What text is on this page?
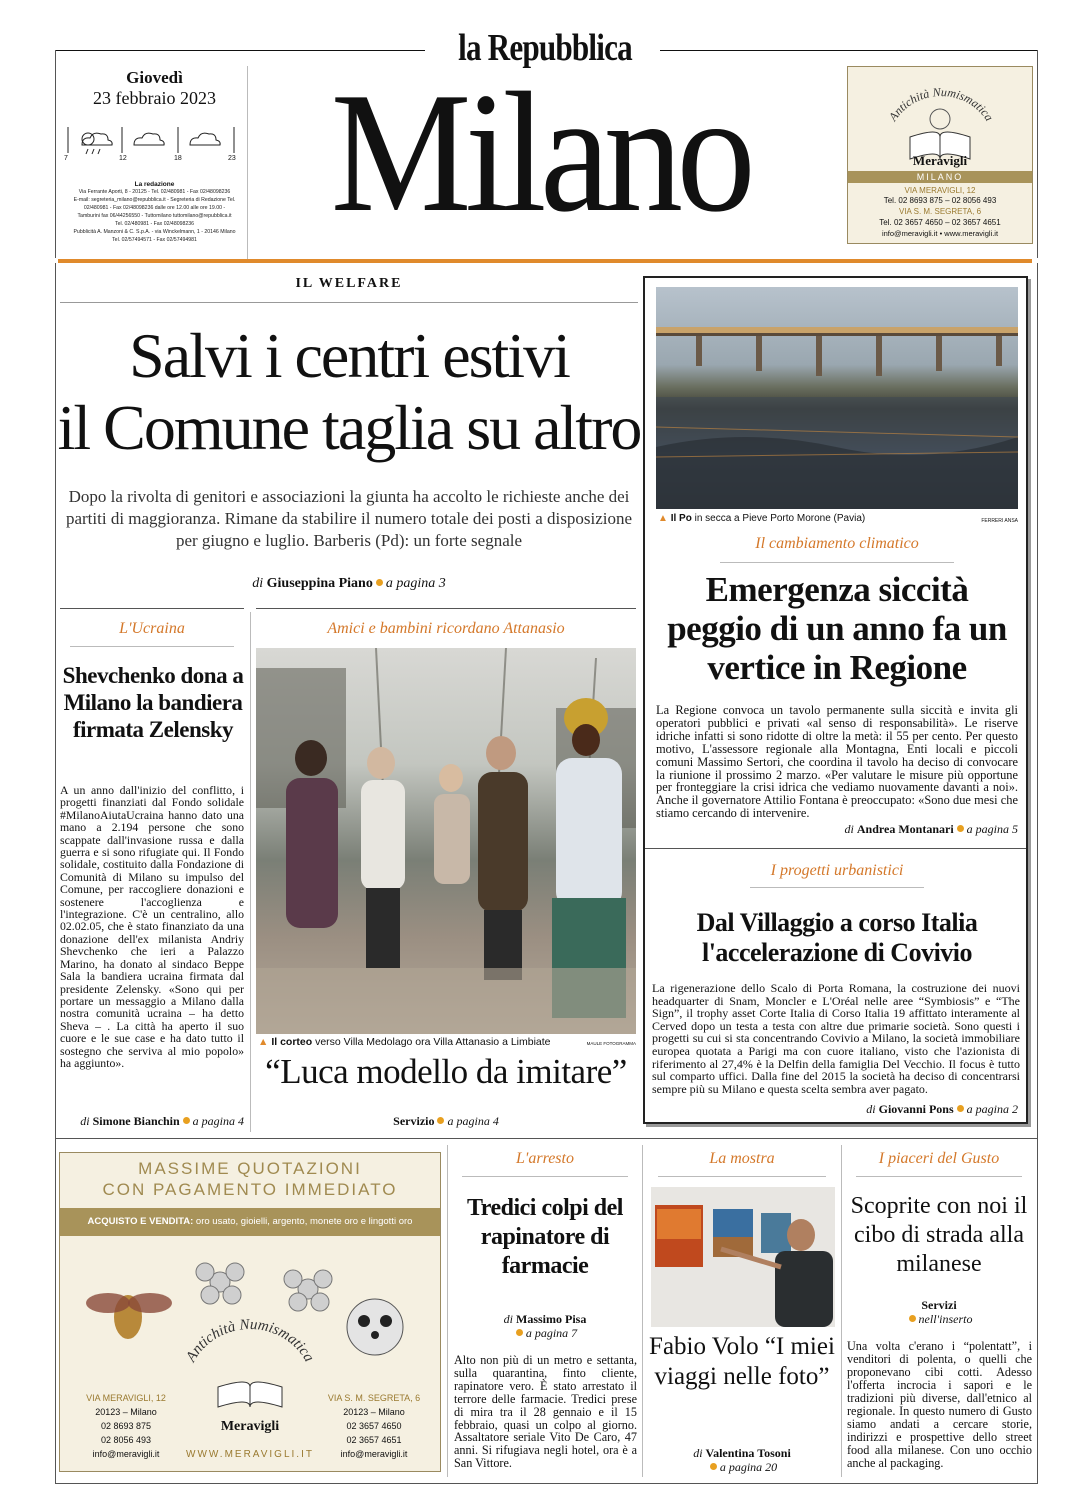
la Repubblica
Giovedì
23 febbraio 2023
7	12	18	23
La redazione
Via Ferrante Aporti, 8 - 20125 - Tel. 02/480981 - Fax 02/48098236
E-mail: segreteria_milano@repubblica.it - Segreteria di Redazione Tel.
02/480981 - Fax 02/48098236 dalle ore 12.00 alle ore 19.00 -
Tamburini fax 06/44256550 - Tuttomilano tuttomilano@repubblica.it
Tel. 02/480981 - Fax 02/48098236
Pubblicità A. Manzoni & C. S.p.A. - via Winckelmann, 1 - 20146 Milano
Tel. 02/57494571 - Fax 02/57494981 Milano	Antichità Numismatica
Meravigli
MILANO
VIA MERAVIGLI, 12
Tel. 02 8693 875 – 02 8056 493
VIA S. M. SEGRETA, 6
Tel. 02 3657 4650 – 02 3657 4651
info@meravigli.it • www.meravigli.it
IL WELFARE
Salvi i centri estivi
il Comune taglia su altro
Dopo la rivolta di genitori e associazioni la giunta ha accolto le richieste anche dei partiti di maggioranza. Rimane da stabilire il numero totale dei posti a disposizione per giugno e luglio. Barberis (Pd): un forte segnale
di Giuseppina Piano a pagina 3
▲ Il Po in secca a Pieve Porto Morone (Pavia)	FERRERI ANSA
Il cambiamento climatico
Emergenza siccità peggio di un anno fa un vertice in Regione
La Regione convoca un tavolo permanente sulla siccità e invita gli operatori pubblici e privati «al senso di responsabilità». Le riserve idriche infatti si sono ridotte di oltre la metà: il 55 per cento. Per questo motivo, L'assessore regionale alla Montagna, Enti locali e piccoli comuni Massimo Sertori, che coordina il tavolo ha deciso di convocare la riunione il prossimo 2 marzo. «Per valutare le misure più opportune per fronteggiare la crisi idrica che vediamo nuovamente davanti a noi». Anche il governatore Attilio Fontana è preoccupato: «Sono due mesi che stiamo cercando di intervenire.
di Andrea Montanari a pagina 5
I progetti urbanistici
Dal Villaggio a corso Italia l'accelerazione di Covivio
La rigenerazione dello Scalo di Porta Romana, la costruzione dei nuovi headquarter di Snam, Moncler e L'Oréal nelle aree “Symbiosis” e “The Sign”, il trophy asset Corte Italia di Corso Italia 19 affittato interamente al Cerved dopo un testa a testa con altre due primarie società. Sono questi i progetti su cui si sta concentrando Covivio a Milano, la società immobiliare europea quotata a Parigi ma con cuore italiano, visto che l'azionista di riferimento al 27,4% è la Delfin della famiglia Del Vecchio. Il focus è tutto sul comparto uffici. Dalla fine del 2015 la società ha deciso di concentrarsi sempre più su Milano e questa scelta sembra aver pagato.
di Giovanni Pons a pagina 2
L'Ucraina
Shevchenko dona a Milano la bandiera firmata Zelensky
A un anno dall'inizio del conflitto, i progetti finanziati dal Fondo solidale #MilanoAiutaUcraina hanno dato una mano a 2.194 persone che sono scappate dall'invasione russa e dalla guerra e si sono rifugiate qui. Il Fondo solidale, costituito dalla Fondazione di Comunità di Milano su impulso del Comune, per raccogliere donazioni e sostenere l'accoglienza e l'integrazione. C'è un centralino, allo 02.02.05, che è stato finanziato da una donazione dell'ex milanista Andriy Shevchenko che ieri a Palazzo Marino, ha donato al sindaco Beppe Sala la bandiera ucraina firmata dal presidente Zelensky. «Sono qui per portare un messaggio a Milano dalla nostra comunità ucraina – ha detto Sheva – . La città ha aperto il suo cuore e le sue case e ha dato tutto il sostegno che serviva al mio popolo» ha aggiunto».
di Simone Bianchin a pagina 4
Amici e bambini ricordano Attanasio
▲ Il corteo verso Villa Medolago ora Villa Attanasio a Limbiate	MAULE FOTOGRAMMA
“Luca modello da imitare”
Servizio a pagina 4
MASSIME QUOTAZIONI
CON PAGAMENTO IMMEDIATO
ACQUISTO E VENDITA: oro usato, gioielli, argento, monete oro e lingotti oro
Antichità Numismatica
VIA MERAVIGLI, 12
20123 – Milano
02 8693 875
02 8056 493
info@meravigli.it
VIA S. M. SEGRETA, 6
20123 – Milano
02 3657 4650
02 3657 4651
info@meravigli.it
Meravigli
WWW.MERAVIGLI.IT
L'arresto
Tredici colpi del rapinatore di farmacie
di Massimo Pisa
a pagina 7
Alto non più di un metro e settanta, sulla quarantina, finto cliente, rapinatore vero. È stato arrestato il terrore delle farmacie. Tredici prese di mira tra il 28 gennaio e il 15 febbraio, quasi un colpo al giorno. Assaltatore seriale Vito De Caro, 47 anni. Si rifugiava negli hotel, ora è a San Vittore.
La mostra
Fabio Volo “I miei viaggi nelle foto”
di Valentina Tosoni
a pagina 20
I piaceri del Gusto
Scoprite con noi il cibo di strada alla milanese
Servizi
nell'inserto
Una volta c'erano i “polentatt”, i venditori di polenta, o quelli che proponevano cibi cotti. Adesso l'offerta incrocia i sapori e le tradizioni più diverse, dall'etnico al regionale. In questo numero di Gusto siamo andati a cercare storie, indirizzi e prospettive dello street food alla milanese. Con uno occhio anche al packaging.
